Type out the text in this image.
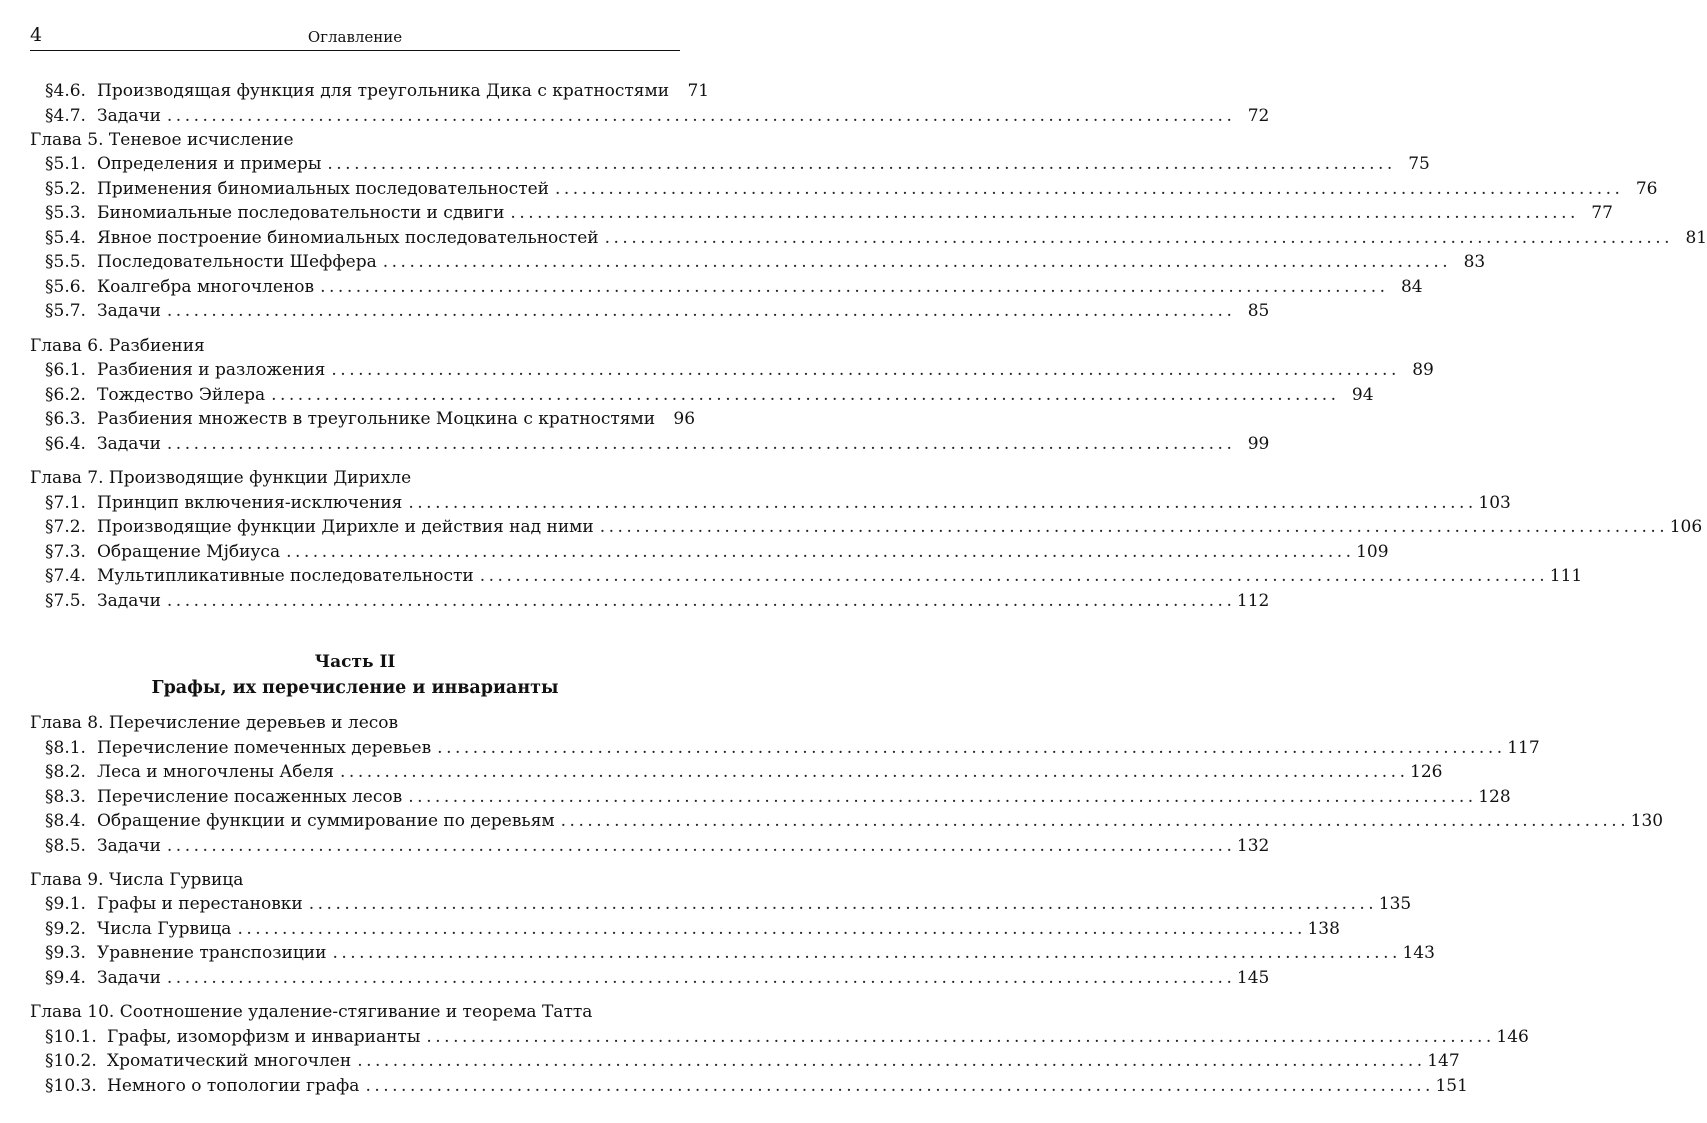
4	Оглавление
§4.6. Производящая функция для треугольника Дика с кратностями	71
§4.7. Задачи ........................................................................................................................ 72
Глава 5. Теневое исчисление
§5.1. Определения и примеры ........................................................................................................................ 75
§5.2. Применения биномиальных последовательностей ........................................................................................................................ 76
§5.3. Биномиальные последовательности и сдвиги ........................................................................................................................ 77
§5.4. Явное построение биномиальных последовательностей ........................................................................................................................ 81
§5.5. Последовательности Шеффера ........................................................................................................................ 83
§5.6. Коалгебра многочленов ........................................................................................................................ 84
§5.7. Задачи ........................................................................................................................ 85
Глава 6. Разбиения
§6.1. Разбиения и разложения ........................................................................................................................ 89
§6.2. Тождество Эйлера ........................................................................................................................ 94
§6.3. Разбиения множеств в треугольнике Моцкина с кратностями	96
§6.4. Задачи ........................................................................................................................ 99
Глава 7. Производящие функции Дирихле
§7.1. Принцип включения-исключения ........................................................................................................................ 103
§7.2. Производящие функции Дирихле и действия над ними ........................................................................................................................ 106
§7.3. Обращение Мјбиуса ........................................................................................................................ 109
§7.4. Мультипликативные последовательности ........................................................................................................................ 111
§7.5. Задачи ........................................................................................................................ 112
Часть II
Графы, их перечисление и инварианты
Глава 8. Перечисление деревьев и лесов
§8.1. Перечисление помеченных деревьев ........................................................................................................................ 117
§8.2. Леса и многочлены Абеля ........................................................................................................................ 126
§8.3. Перечисление посаженных лесов ........................................................................................................................ 128
§8.4. Обращение функции и суммирование по деревьям ........................................................................................................................ 130
§8.5. Задачи ........................................................................................................................ 132
Глава 9. Числа Гурвица
§9.1. Графы и перестановки ........................................................................................................................ 135
§9.2. Числа Гурвица ........................................................................................................................ 138
§9.3. Уравнение транспозиции ........................................................................................................................ 143
§9.4. Задачи ........................................................................................................................ 145
Глава 10. Соотношение удаление-стягивание и теорема Татта
§10.1. Графы, изоморфизм и инварианты ........................................................................................................................ 146
§10.2. Хроматический многочлен ........................................................................................................................ 147
§10.3. Немного о топологии графа ........................................................................................................................ 151
